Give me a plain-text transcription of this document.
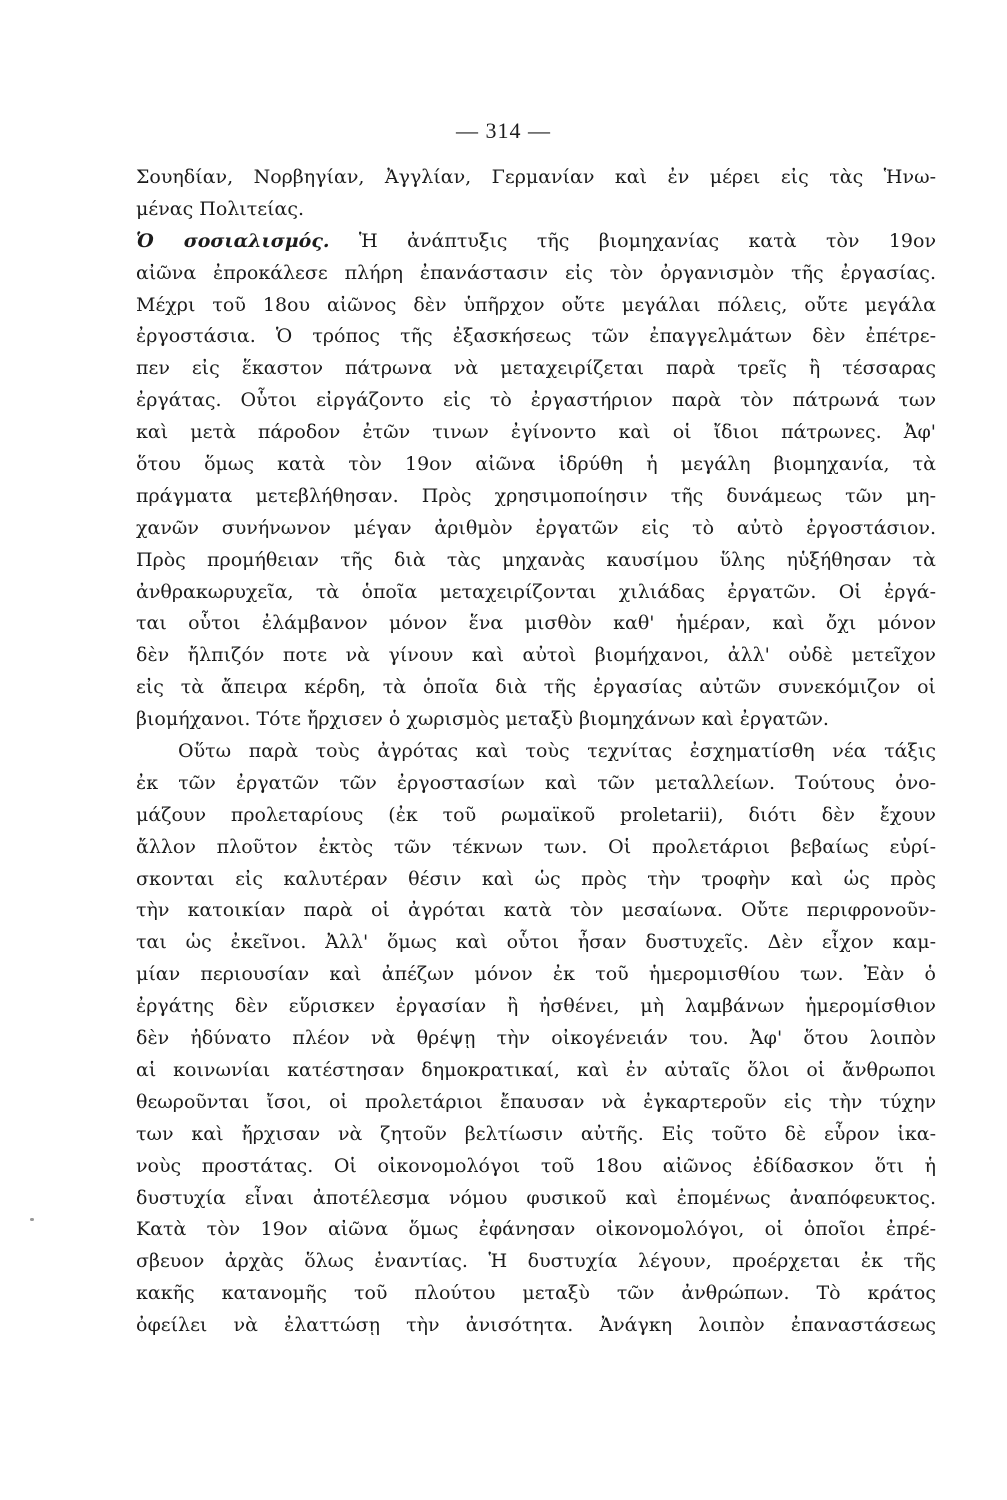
— 314 —
Σουηδίαν, Νορβηγίαν, Ἀγγλίαν, Γερμανίαν καὶ ἐν μέρει εἰς τὰς Ἡνω-
μένας Πολιτείας.
Ὁ σοσιαλισμός. Ἡ ἀνάπτυξις τῆς βιομηχανίας κατὰ τὸν 19ον
αἰῶνα ἐπροκάλεσε πλήρη ἐπανάστασιν εἰς τὸν ὀργανισμὸν τῆς ἐργασίας.
Μέχρι τοῦ 18ου αἰῶνος δὲν ὑπῆρχον οὔτε μεγάλαι πόλεις, οὔτε μεγάλα
ἐργοστάσια. Ὁ τρόπος τῆς ἐξασκήσεως τῶν ἐπαγγελμάτων δὲν ἐπέτρε-
πεν εἰς ἕκαστον πάτρωνα νὰ μεταχειρίζεται παρὰ τρεῖς ἢ τέσσαρας
ἐργάτας. Οὗτοι εἰργάζοντο εἰς τὸ ἐργαστήριον παρὰ τὸν πάτρωνά των
καὶ μετὰ πάροδον ἐτῶν τινων ἐγίνοντο καὶ οἱ ἴδιοι πάτρωνες. Ἀφ'
ὅτου ὅμως κατὰ τὸν 19ον αἰῶνα ἱδρύθη ἡ μεγάλη βιομηχανία, τὰ
πράγματα μετεβλήθησαν. Πρὸς χρησιμοποίησιν τῆς δυνάμεως τῶν μη-
χανῶν συνήνωνον μέγαν ἀριθμὸν ἐργατῶν εἰς τὸ αὐτὸ ἐργοστάσιον.
Πρὸς προμήθειαν τῆς διὰ τὰς μηχανὰς καυσίμου ὕλης ηὑξήθησαν τὰ
ἀνθρακωρυχεῖα, τὰ ὁποῖα μεταχειρίζονται χιλιάδας ἐργατῶν. Οἱ ἐργά-
ται οὗτοι ἐλάμβανον μόνον ἕνα μισθὸν καθ' ἡμέραν, καὶ ὄχι μόνον
δὲν ἤλπιζόν ποτε νὰ γίνουν καὶ αὐτοὶ βιομήχανοι, ἀλλ' οὐδὲ μετεῖχον
εἰς τὰ ἄπειρα κέρδη, τὰ ὁποῖα διὰ τῆς ἐργασίας αὐτῶν συνεκόμιζον οἱ
βιομήχανοι. Τότε ἤρχισεν ὁ χωρισμὸς μεταξὺ βιομηχάνων καὶ ἐργατῶν.
Οὕτω παρὰ τοὺς ἀγρότας καὶ τοὺς τεχνίτας ἐσχηματίσθη νέα τάξις
ἐκ τῶν ἐργατῶν τῶν ἐργοστασίων καὶ τῶν μεταλλείων. Τούτους ὀνο-
μάζουν προλεταρίους (ἐκ τοῦ ρωμαϊκοῦ proletarii), διότι δὲν ἔχουν
ἄλλον πλοῦτον ἐκτὸς τῶν τέκνων των. Οἱ προλετάριοι βεβαίως εὑρί-
σκονται εἰς καλυτέραν θέσιν καὶ ὡς πρὸς τὴν τροφὴν καὶ ὡς πρὸς
τὴν κατοικίαν παρὰ οἱ ἀγρόται κατὰ τὸν μεσαίωνα. Οὔτε περιφρονοῦν-
ται ὡς ἐκεῖνοι. Ἀλλ' ὅμως καὶ οὗτοι ἦσαν δυστυχεῖς. Δὲν εἶχον καμ-
μίαν περιουσίαν καὶ ἀπέζων μόνον ἐκ τοῦ ἡμερομισθίου των. Ἐὰν ὁ
ἐργάτης δὲν εὕρισκεν ἐργασίαν ἢ ἠσθένει, μὴ λαμβάνων ἡμερομίσθιον
δὲν ἠδύνατο πλέον νὰ θρέψῃ τὴν οἰκογένειάν του. Ἀφ' ὅτου λοιπὸν
αἱ κοινωνίαι κατέστησαν δημοκρατικαί, καὶ ἐν αὐταῖς ὅλοι οἱ ἄνθρωποι
θεωροῦνται ἴσοι, οἱ προλετάριοι ἔπαυσαν νὰ ἐγκαρτεροῦν εἰς τὴν τύχην
των καὶ ἤρχισαν νὰ ζητοῦν βελτίωσιν αὐτῆς. Εἰς τοῦτο δὲ εὗρον ἱκα-
νοὺς προστάτας. Οἱ οἰκονομολόγοι τοῦ 18ου αἰῶνος ἐδίδασκον ὅτι ἡ
δυστυχία εἶναι ἀποτέλεσμα νόμου φυσικοῦ καὶ ἐπομένως ἀναπόφευκτος.
Κατὰ τὸν 19ον αἰῶνα ὅμως ἐφάνησαν οἰκονομολόγοι, οἱ ὁποῖοι ἐπρέ-
σβευον ἀρχὰς ὅλως ἐναντίας. Ἡ δυστυχία λέγουν, προέρχεται ἐκ τῆς
κακῆς κατανομῆς τοῦ πλούτου μεταξὺ τῶν ἀνθρώπων. Τὸ κράτος
ὀφείλει νὰ ἐλαττώσῃ τὴν ἀνισότητα. Ἀνάγκη λοιπὸν ἐπαναστάσεως
